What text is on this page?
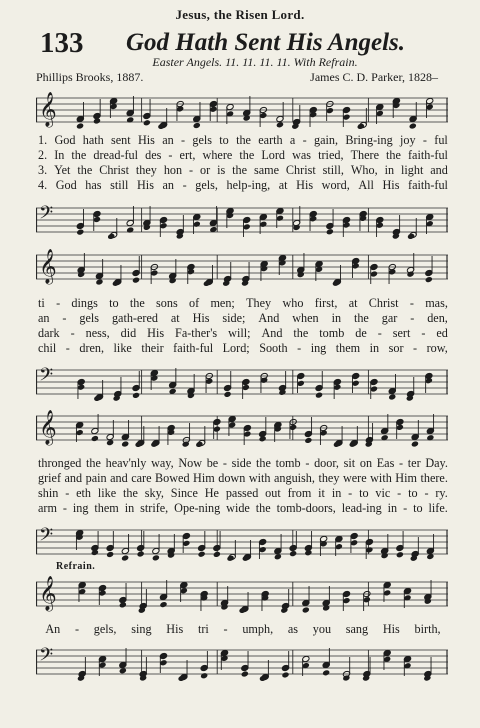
Jesus, the Risen Lord.
133 God Hath Sent His Angels.
Easter Angels. 11. 11. 11. 11. With Refrain.
Phillips Brooks, 1887.	James C. D. Parker, 1828–
𝄞
1. God hath sent His an - gels to the earth a - gain, Bring-ing joy - ful
2. In the dread-ful des - ert, where the Lord was tried, There the faith-ful
3. Yet the Christ they hon - or is the same Christ still, Who, in light and
4. God has still His an - gels, help-ing, at His word, All His faith-ful
𝄢
𝄞
ti - dings to the sons of men; They who first, at Christ - mas,
an - gels gath-ered at His side; And when in the gar - den,
dark - ness, did His Fa-ther's will; And the tomb de - sert - ed
chil - dren, like their faith-ful Lord; Sooth - ing them in sor - row,
𝄢
𝄞
thronged the heav'nly way, Now be - side the tomb - door, sit on Eas - ter Day.
grief and pain and care Bowed Him down with anguish, they were with Him there.
shin - eth like the sky, Since He passed out from it in - to vic - to - ry.
arm - ing them in strife, Ope-ning wide the tomb-doors, lead-ing in - to life.
𝄢
Refrain.
𝄞
An - gels, sing His tri - umph, as you sang His birth,
𝄢
